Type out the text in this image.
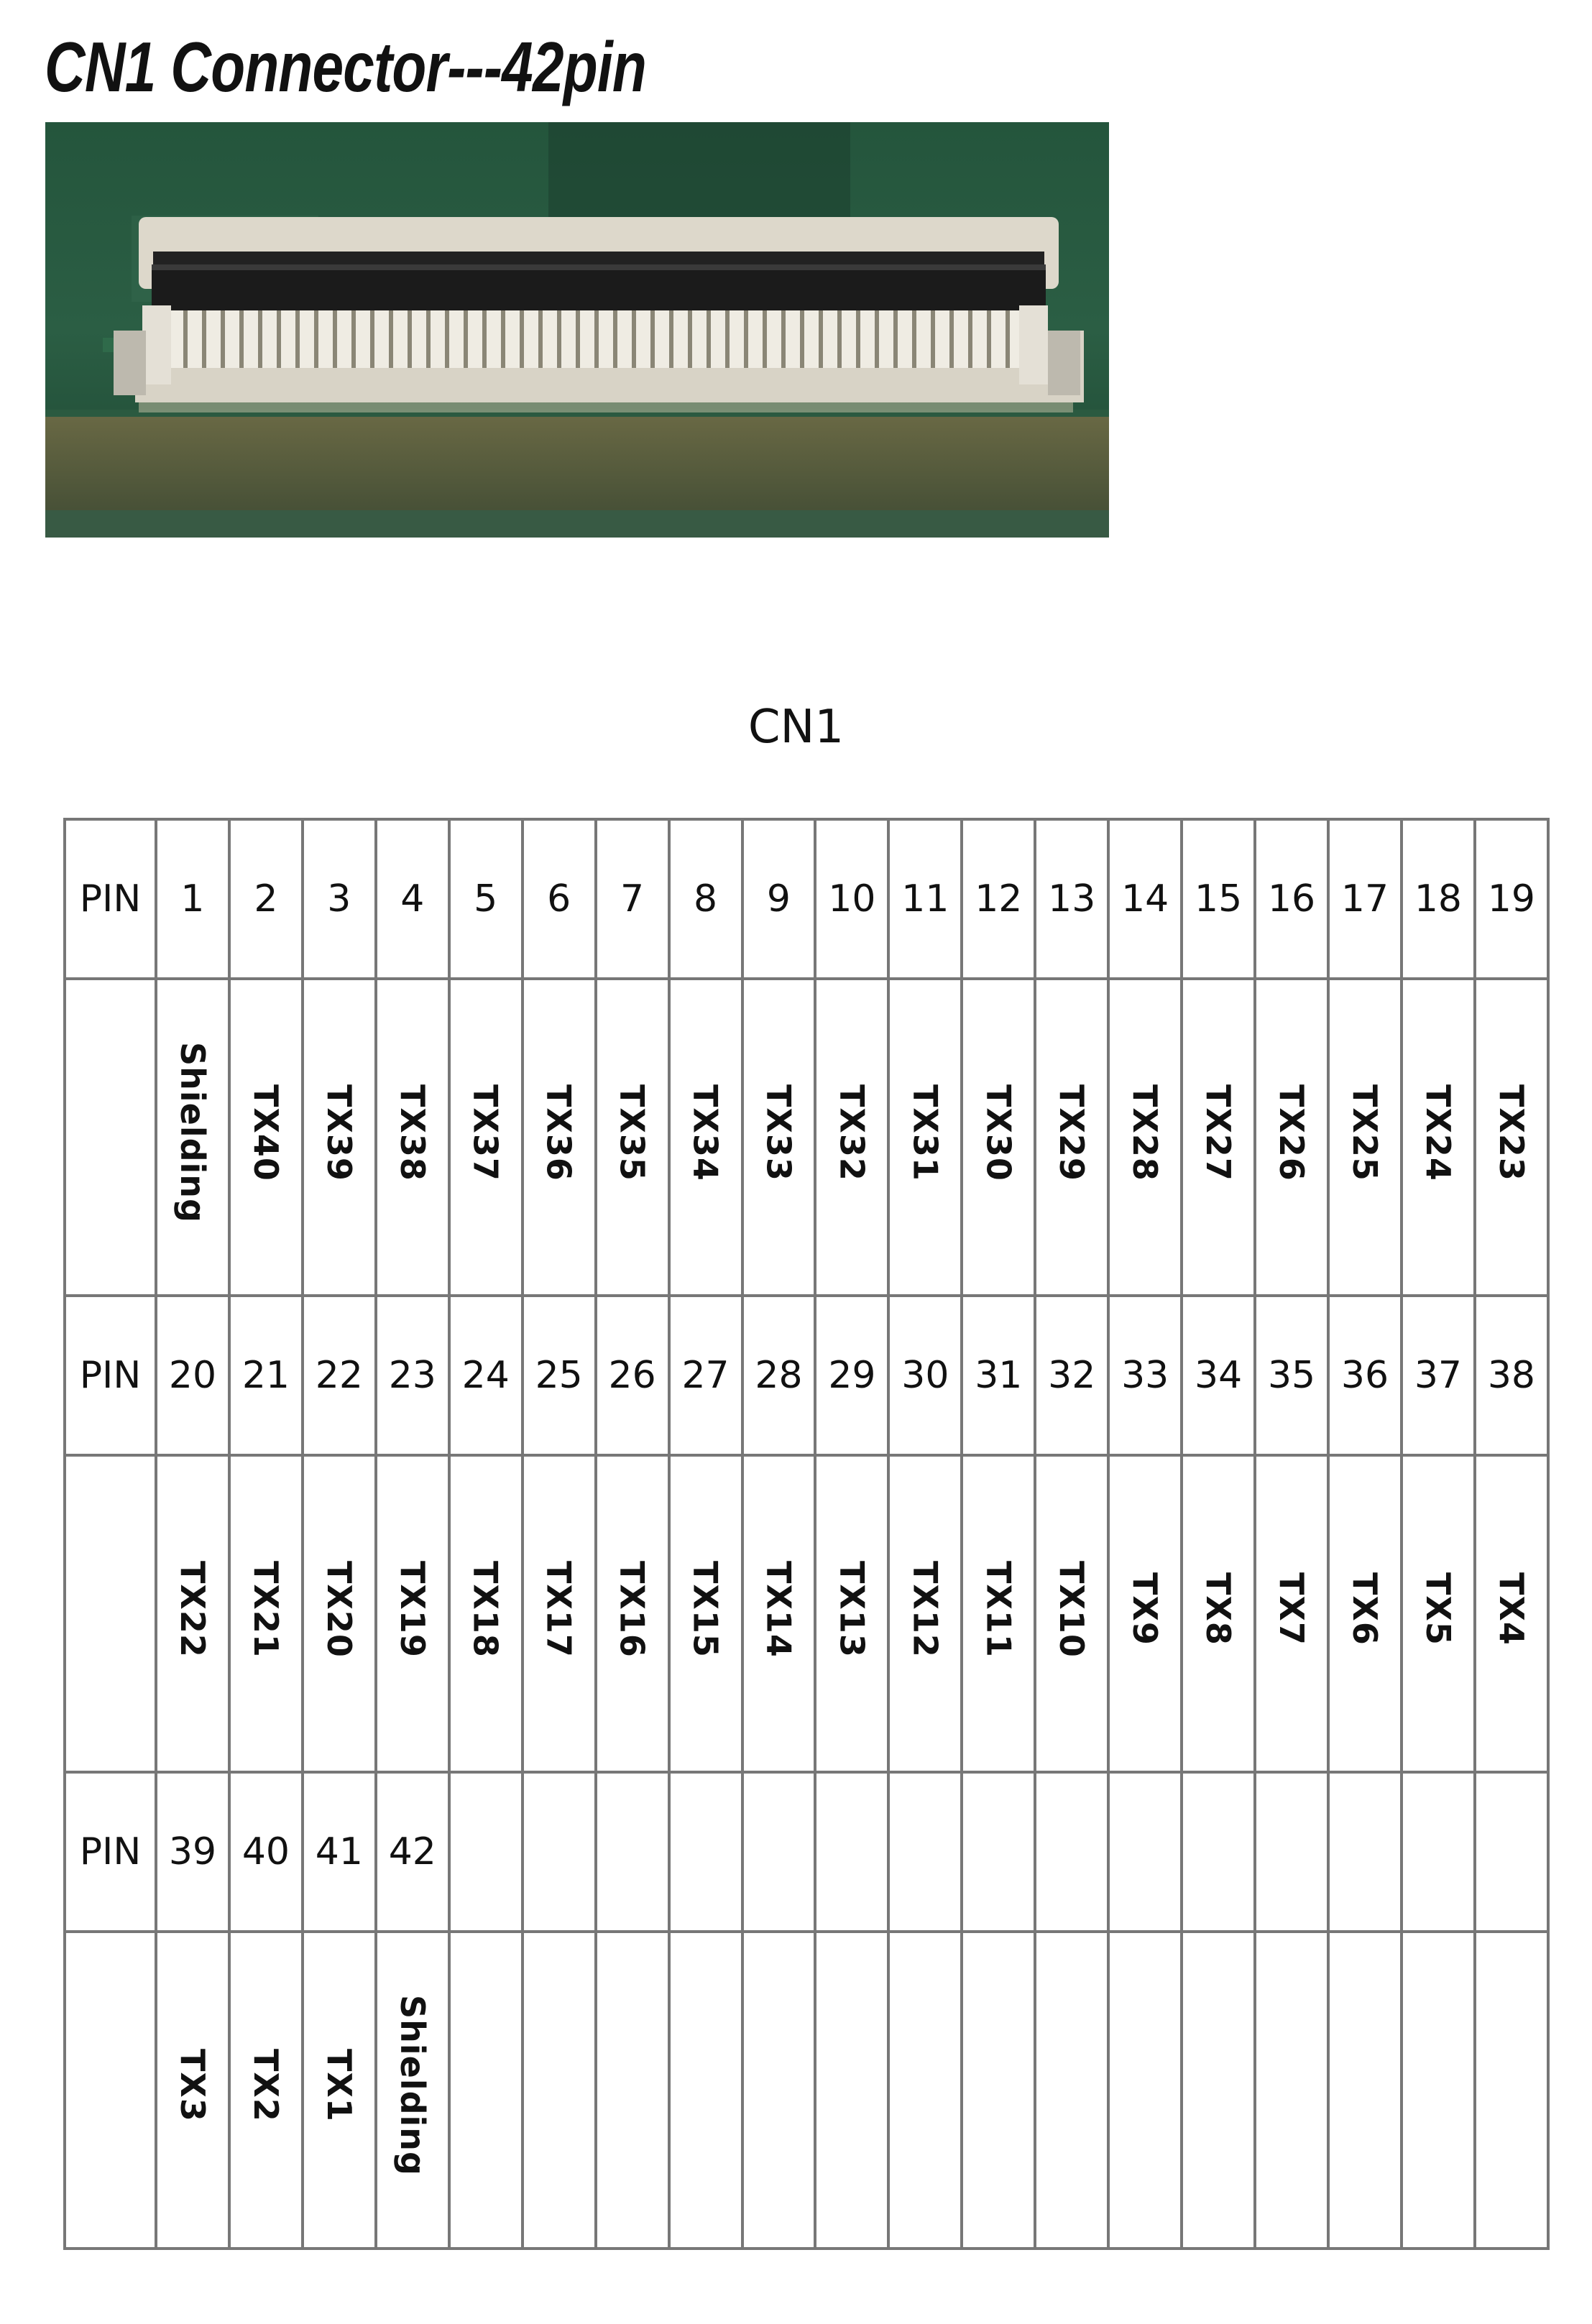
CN1 Connector---42pin
CN1
PIN	1	2	3	4	5	6	7	8	9	10	11	12	13	14	15	16	17	18	19
	Shielding	TX40	TX39	TX38	TX37	TX36	TX35	TX34	TX33	TX32	TX31	TX30	TX29	TX28	TX27	TX26	TX25	TX24	TX23
PIN	20	21	22	23	24	25	26	27	28	29	30	31	32	33	34	35	36	37	38
	TX22	TX21	TX20	TX19	TX18	TX17	TX16	TX15	TX14	TX13	TX12	TX11	TX10	TX9	TX8	TX7	TX6	TX5	TX4
PIN	39	40	41	42															
	TX3	TX2	TX1	Shielding															
